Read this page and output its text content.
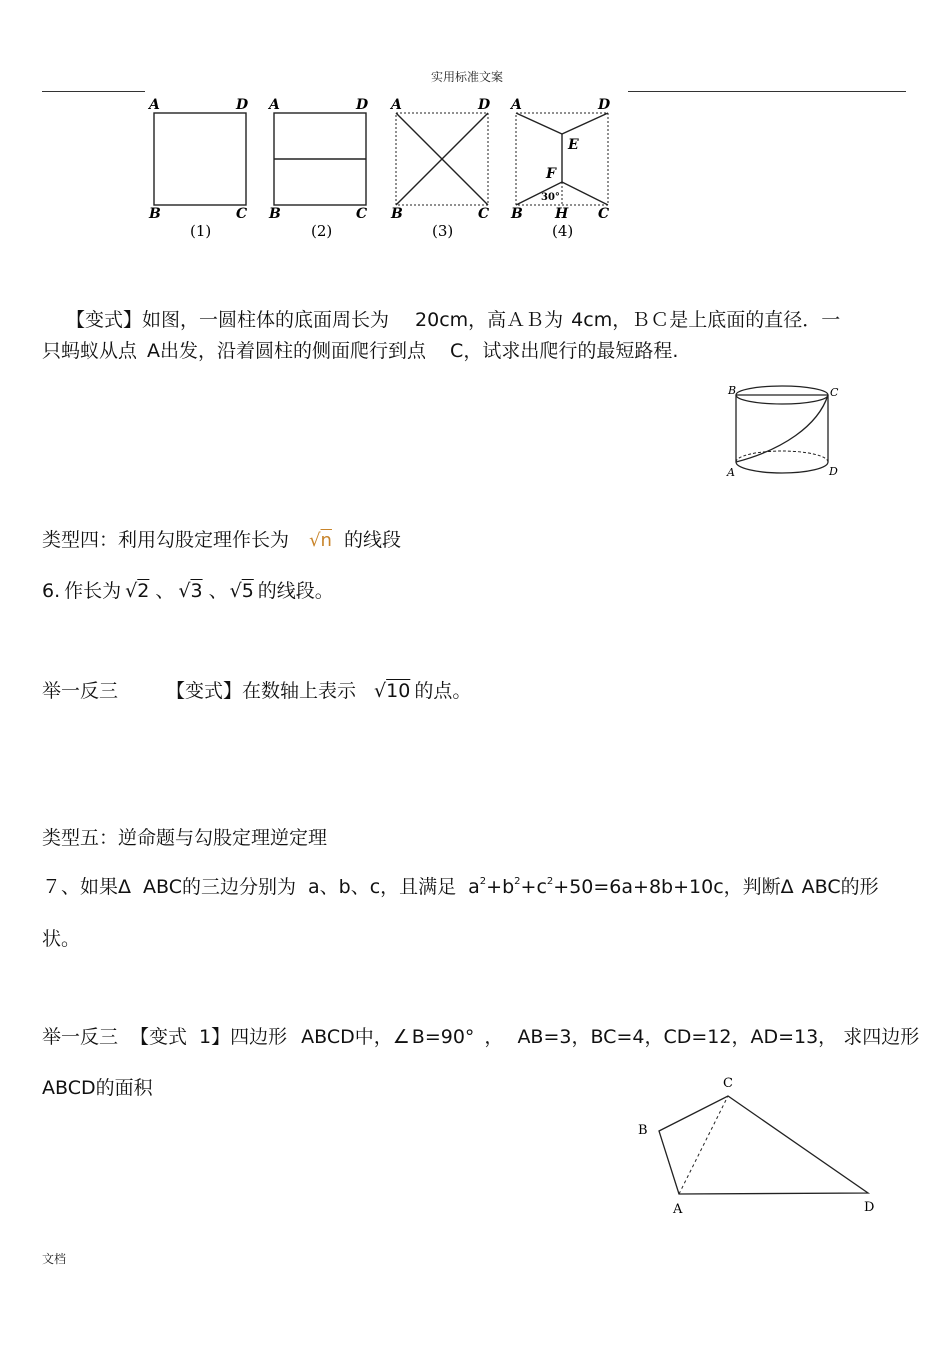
实用标准文案
A	D
B	C
A	D
B	C
A	D
B	C
A	D
B	C
E
F
H
30°
(1)	(2)	(3)	(4)
【变式】如图，一圆柱体的底面周长为 20cm，高ＡＢ为 4cm，ＢＣ是上底面的直径．一
只蚂蚁从点 A出发，沿着圆柱的侧面爬行到点 C，试求出爬行的最短路程.
B	C
A	D
类型四：利用勾股定理作长为 √n 的线段
6. 作长为 √2 、 √3 、 √5 的线段。
举一反三	【变式】在数轴上表示 √10 的点。
类型五：逆命题与勾股定理逆定理
７、如果Δ ABC的三边分别为 a、b、c，且满足 $a^2+b^2+c^2+50=6a+8b+10c$，判断Δ ABC的形
状。
举一反三 【变式 1】四边形 ABCD中，∠ B=90° ， AB=3，BC=4，CD=12，AD=13， 求四边形
ABCD的面积	C
B
A	D
文档
